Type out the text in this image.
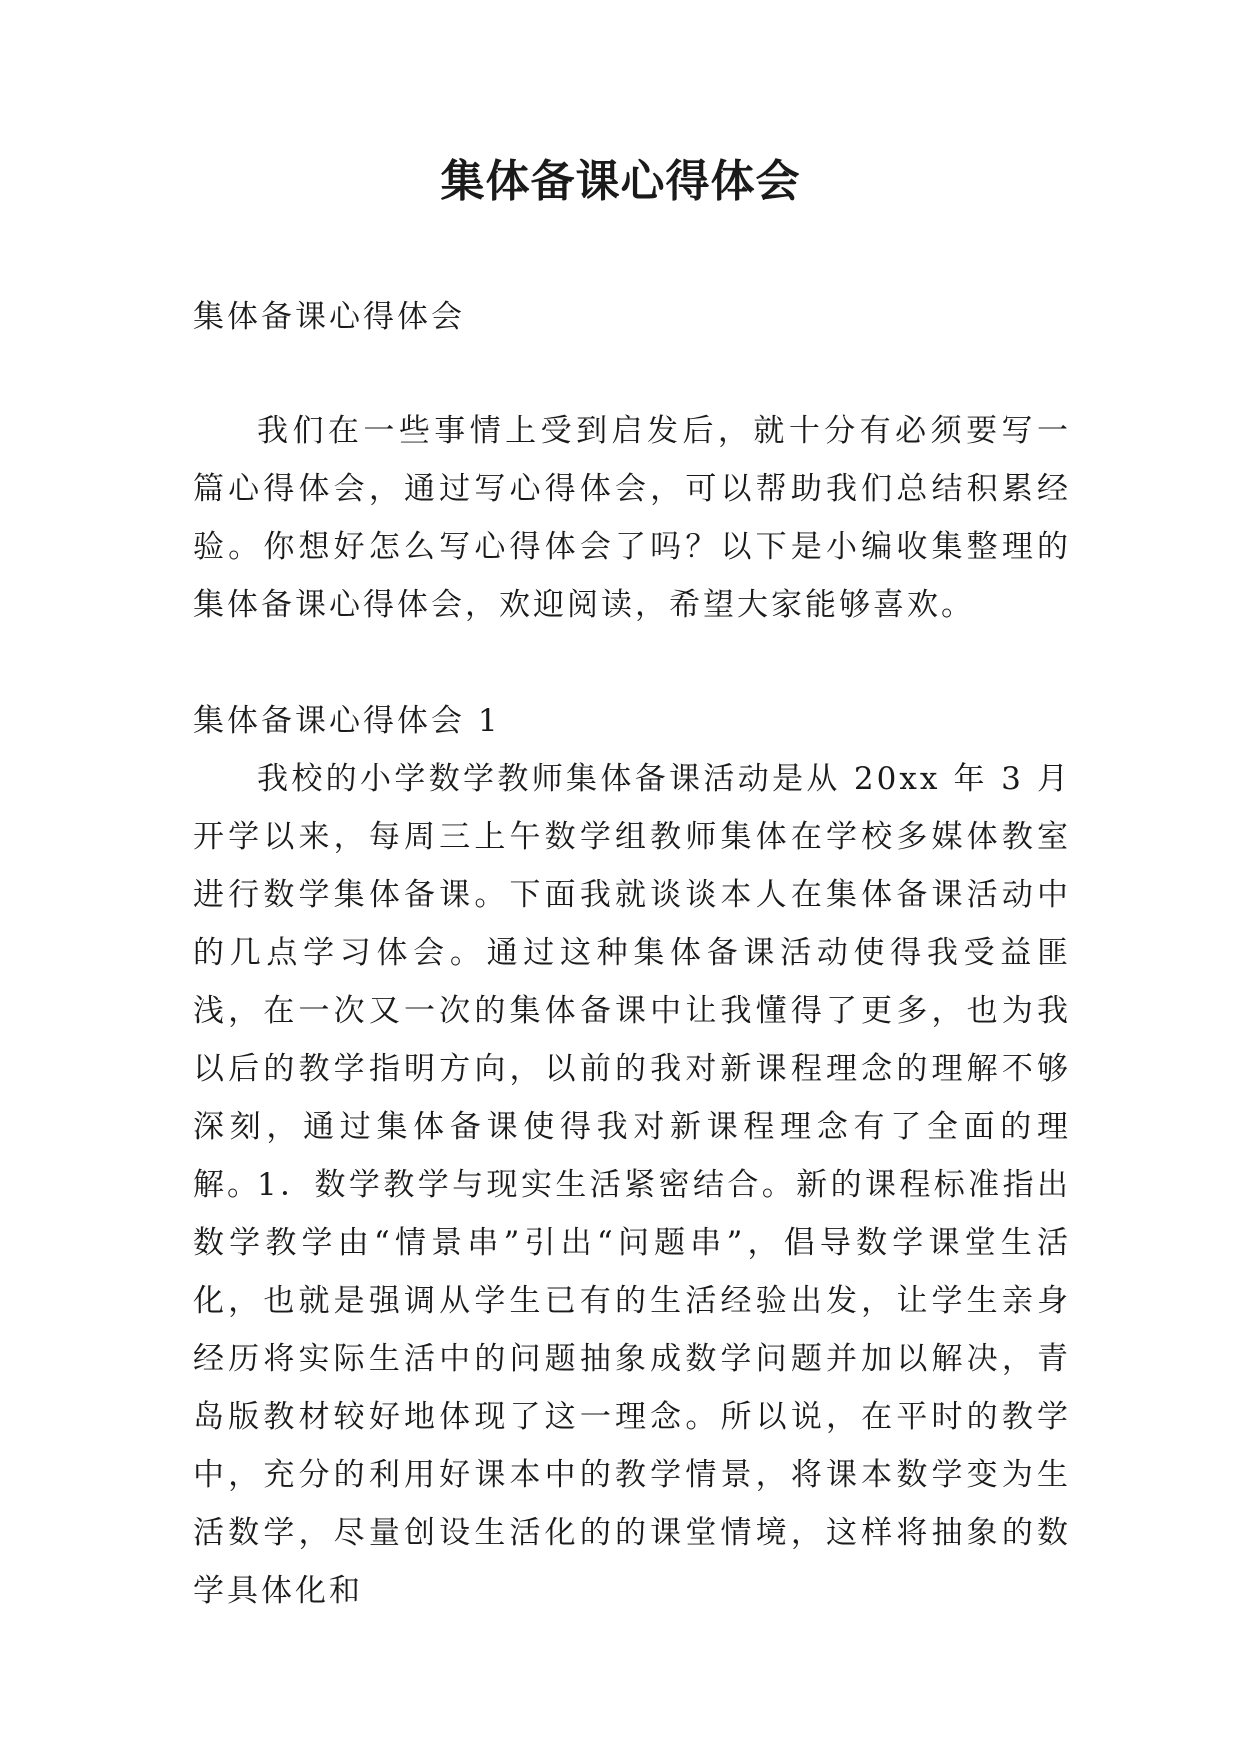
集体备课心得体会

集体备课心得体会

我们在一些事情上受到启发后，就十分有必须要写一篇心得体会，通过写心得体会，可以帮助我们总结积累经验。你想好怎么写心得体会了吗？以下是小编收集整理的集体备课心得体会，欢迎阅读，希望大家能够喜欢。

集体备课心得体会 1

我校的小学数学教师集体备课活动是从 20xx 年 3 月开学以来，每周三上午数学组教师集体在学校多媒体教室进行数学集体备课。下面我就谈谈本人在集体备课活动中的几点学习体会。通过这种集体备课活动使得我受益匪浅，在一次又一次的集体备课中让我懂得了更多，也为我以后的教学指明方向，以前的我对新课程理念的理解不够深刻，通过集体备课使得我对新课程理念有了全面的理解。

1．数学教学与现实生活紧密结合。新的课程标准指出数学教学由“情景串”引出“问题串”，倡导数学课堂生活化，也就是强调从学生已有的生活经验出发，让学生亲身经历将实际生活中的问题抽象成数学问题并加以解决，青岛版教材较好地体现了这一理念。所以说，在平时的教学中，充分的利用好课本中的教学情景，将课本数学变为生活数学，尽量创设生活化的的课堂情境，这样将抽象的数学具体化和
